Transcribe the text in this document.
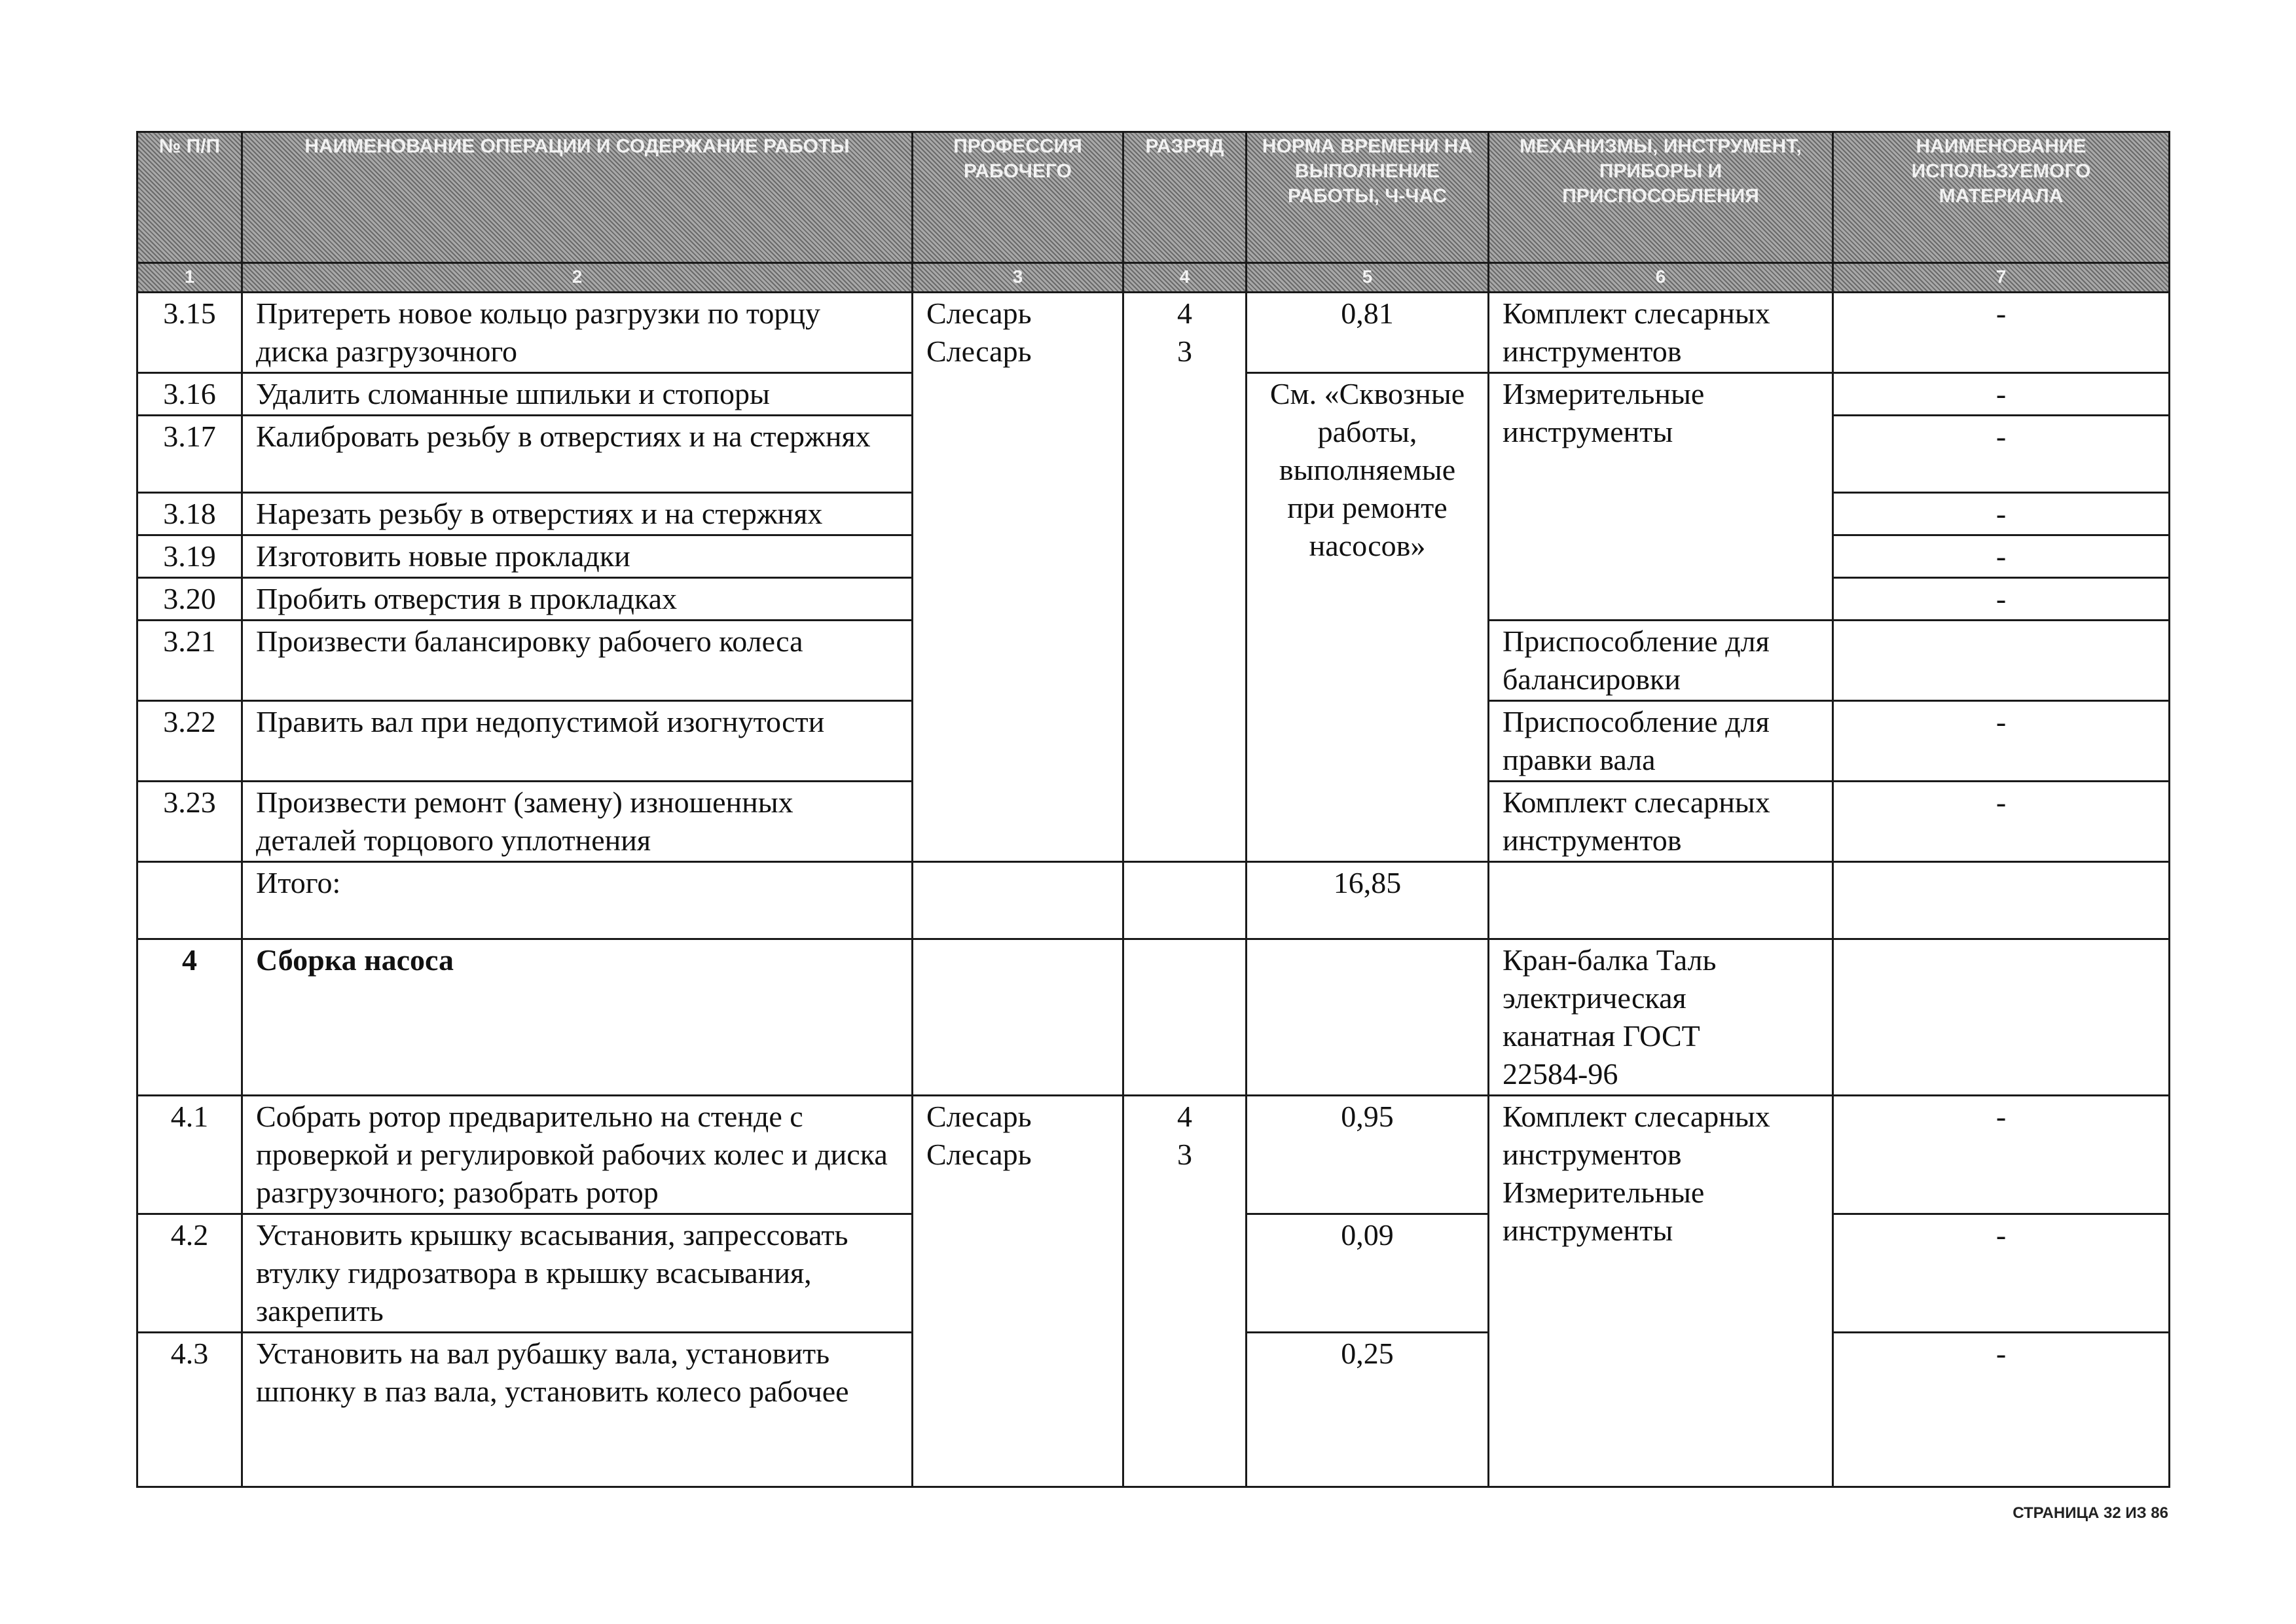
№ П/П	НАИМЕНОВАНИЕ ОПЕРАЦИИ И СОДЕРЖАНИЕ РАБОТЫ	ПРОФЕССИЯ РАБОЧЕГО	РАЗРЯД	НОРМА ВРЕМЕНИ НА ВЫПОЛНЕНИЕ РАБОТЫ, Ч-ЧАС	МЕХАНИЗМЫ, ИНСТРУМЕНТ, ПРИБОРЫ И ПРИСПОСОБЛЕНИЯ	НАИМЕНОВАНИЕ ИСПОЛЬЗУЕМОГО МАТЕРИАЛА
1	2	3	4	5	6	7
3.15	Притереть новое кольцо разгрузки по торцу диска разгрузочного	Слесарь Слесарь	4 3	0,81	Комплект слесарных инструментов	-
3.16	Удалить сломанные шпильки и стопоры			См. «Сквозные работы, выполняемые при ремонте насосов»	Измерительные инструменты	-
3.17	Калибровать резьбу в отверстиях и на стержнях					-
3.18	Нарезать резьбу в отверстиях и на стержнях					-
3.19	Изготовить новые прокладки					-
3.20	Пробить отверстия в прокладках					-
3.21	Произвести балансировку рабочего колеса				Приспособление для балансировки	
3.22	Править вал при недопустимой изогнутости				Приспособление для правки вала	-
3.23	Произвести ремонт (замену) изношенных деталей торцового уплотнения				Комплект слесарных инструментов	-
	Итого:			16,85		
4	Сборка насоса				Кран-балка Таль электрическая канатная ГОСТ 22584-96	
4.1	Собрать ротор предварительно на стенде с проверкой и регулировкой рабочих колес и диска разгрузочного; разобрать ротор	Слесарь Слесарь	4 3	0,95	Комплект слесарных инструментов Измерительные инструменты	-
4.2	Установить крышку всасывания, запрессовать втулку гидрозатвора в крышку всасывания, закрепить			0,09		-
4.3	Установить на вал рубашку вала, установить шпонку в паз вала, установить колесо рабочее			0,25		-
СТРАНИЦА 32 ИЗ 86
